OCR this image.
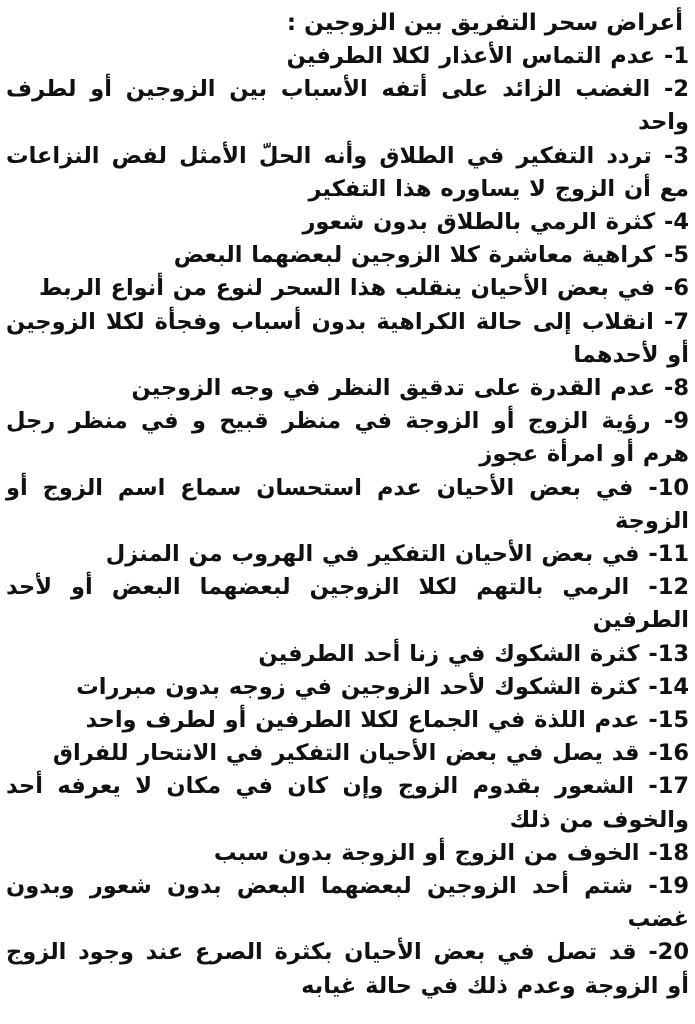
أعراض سحر التفريق بين الزوجين :
1- عدم التماس الأعذار لكلا الطرفين
2- الغضب الزائد على أتفه الأسباب بين الزوجين أو لطرف واحد
3- تردد التفكير في الطلاق وأنه الحلّ الأمثل لفض النزاعات مع أن الزوج لا يساوره هذا التفكير
4- كثرة الرمي بالطلاق بدون شعور
5- كراهية معاشرة كلا الزوجين لبعضهما البعض
6- في بعض الأحيان ينقلب هذا السحر لنوع من أنواع الربط
7- انقلاب إلى حالة الكراهية بدون أسباب وفجأة لكلا الزوجين أو لأحدهما
8- عدم القدرة على تدقيق النظر في وجه الزوجين
9- رؤية الزوج أو الزوجة في منظر قبيح و في منظر رجل هرم أو امرأة عجوز
10- في بعض الأحيان عدم استحسان سماع اسم الزوج أو الزوجة
11- في بعض الأحيان التفكير في الهروب من المنزل
12- الرمي بالتهم لكلا الزوجين لبعضهما البعض أو لأحد الطرفين
13- كثرة الشكوك في زنا أحد الطرفين
14- كثرة الشكوك لأحد الزوجين في زوجه بدون مبررات
15- عدم اللذة في الجماع لكلا الطرفين أو لطرف واحد
16- قد يصل في بعض الأحيان التفكير في الانتحار للفراق
17- الشعور بقدوم الزوج وإن كان في مكان لا يعرفه أحد والخوف من ذلك
18- الخوف من الزوج أو الزوجة بدون سبب
19- شتم أحد الزوجين لبعضهما البعض بدون شعور وبدون غضب
20- قد تصل في بعض الأحيان بكثرة الصرع عند وجود الزوج أو الزوجة وعدم ذلك في حالة غيابه
